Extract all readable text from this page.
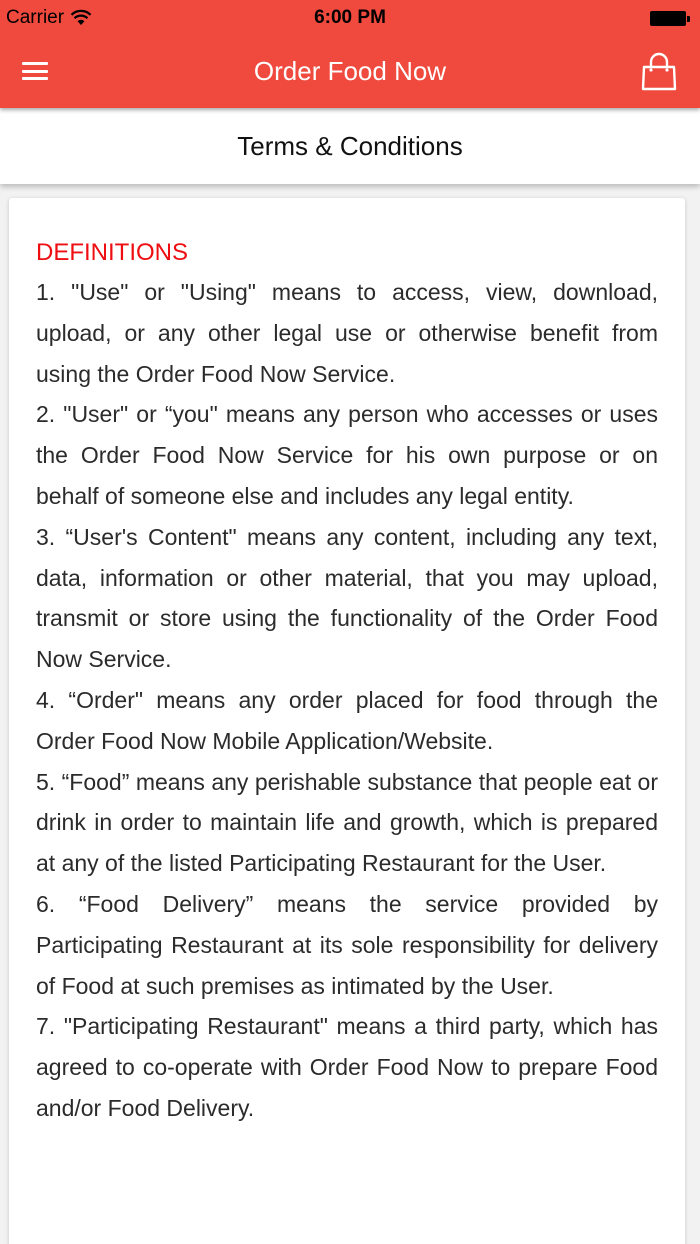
Carrier	6:00 PM
Order Food Now
Terms & Conditions
DEFINITIONS

1. "Use" or "Using" means to access, view, download, upload, or any other legal use or otherwise benefit from using the Order Food Now Service.

2. "User" or “you" means any person who accesses or uses the Order Food Now Service for his own purpose or on behalf of someone else and includes any legal entity.

3. “User's Content" means any content, including any text, data, information or other material, that you may upload, transmit or store using the functionality of the Order Food Now Service.

4. “Order" means any order placed for food through the Order Food Now Mobile Application/Website.

5. “Food” means any perishable substance that people eat or drink in order to maintain life and growth, which is prepared at any of the listed Participating Restaurant for the User.

6. “Food Delivery” means the service provided by Participating Restaurant at its sole responsibility for delivery of Food at such premises as intimated by the User.

7. "Participating Restaurant" means a third party, which has agreed to co-operate with Order Food Now to prepare Food and/or Food Delivery.
